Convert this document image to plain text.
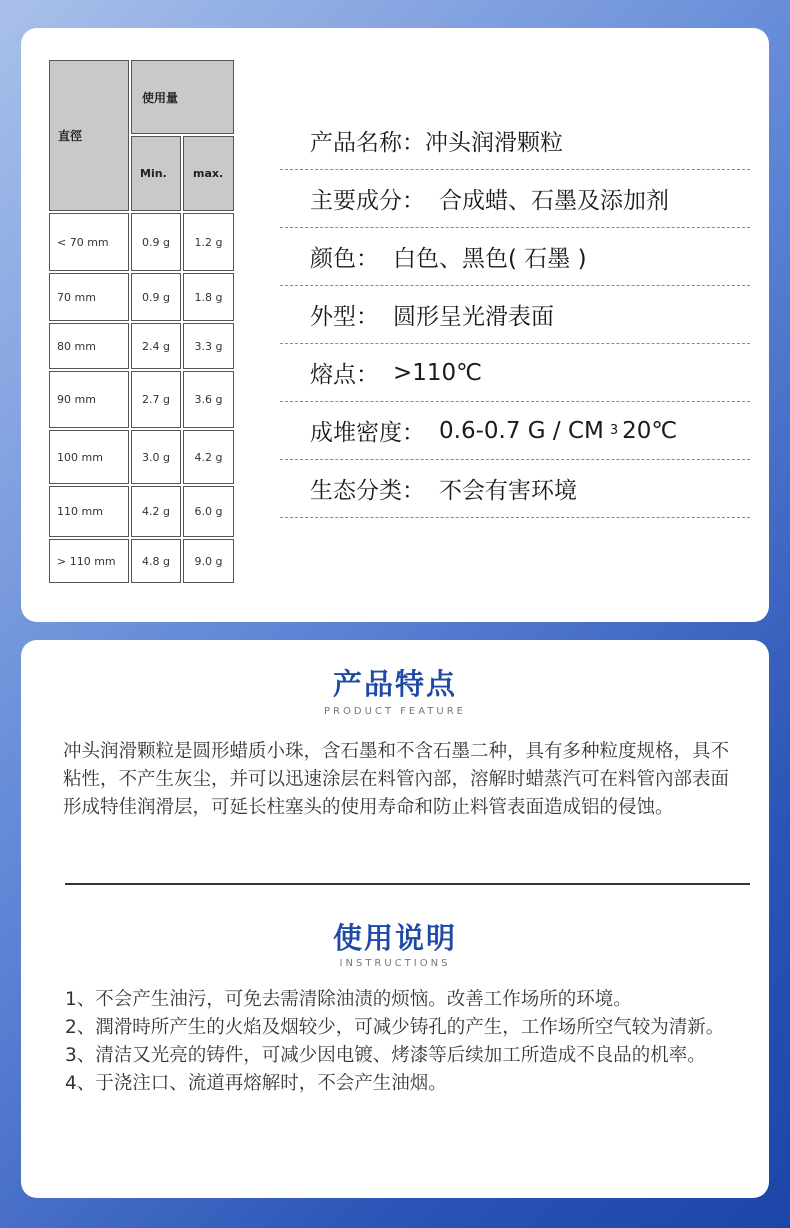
直徑
使用量
Min.	max.
< 70 mm	0.9 g	1.2 g
70 mm	0.9 g	1.8 g
80 mm	2.4 g	3.3 g
90 mm	2.7 g	3.6 g
100 mm	3.0 g	4.2 g
110 mm	4.2 g	6.0 g
> 110 mm	4.8 g	9.0 g
产品名称： 冲头润滑颗粒
主要成分： 合成蜡、石墨及添加剂
颜色： 白色、黑色( 石墨 )
外型： 圆形呈光滑表面
熔点： >110℃
成堆密度： 0.6-0.7 G / CM 3 20℃
生态分类： 不会有害环境
产品特点
PRODUCT FEATURE
冲头润滑颗粒是圆形蜡质小珠，含石墨和不含石墨二种，具有多种粒度规格，具不粘性，不产生灰尘，并可以迅速涂层在料管內部，溶解时蜡蒸汽可在料管內部表面形成特佳润滑层，可延长柱塞头的使用寿命和防止料管表面造成铝的侵蚀。
使用说明
INSTRUCTIONS
1、不会产生油污，可免去需清除油渍的烦恼。改善工作场所的环境。
2、潤滑時所产生的火焰及烟较少，可减少铸孔的产生，工作场所空气较为清新。
3、清洁又光亮的铸件，可减少因电镀、烤漆等后续加工所造成不良品的机率。
4、于浇注口、流道再熔解时，不会产生油烟。
